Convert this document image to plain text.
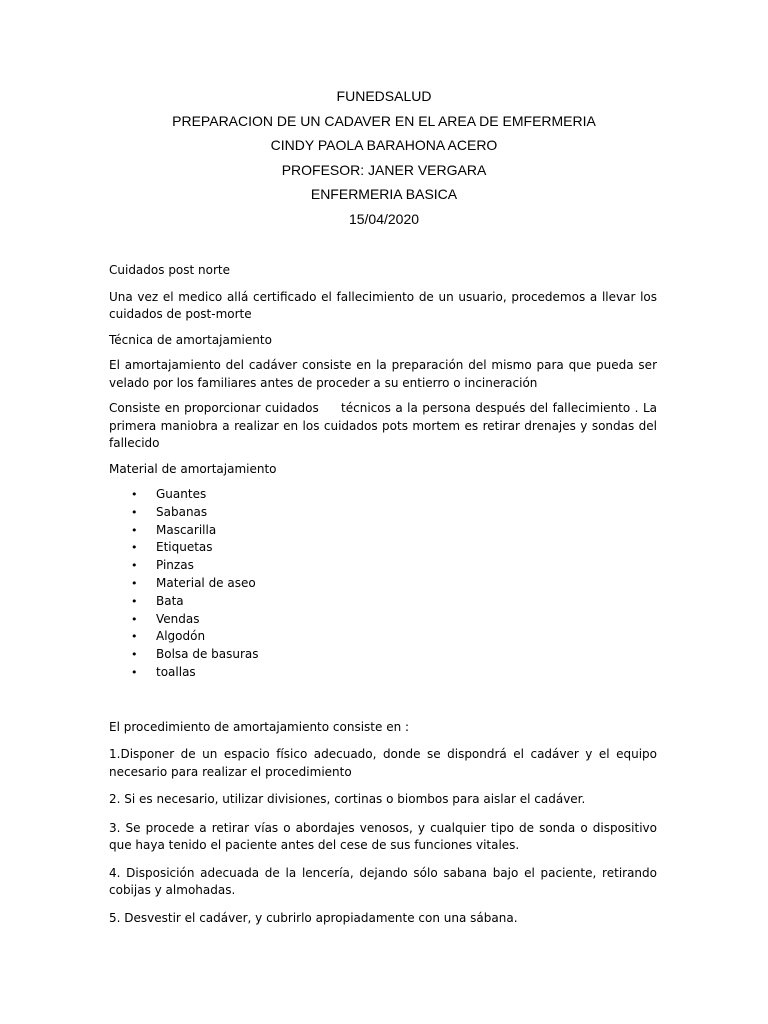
FUNEDSALUD
PREPARACION DE UN CADAVER EN EL AREA DE EMFERMERIA
CINDY PAOLA BARAHONA ACERO
PROFESOR: JANER VERGARA
ENFERMERIA BASICA
15/04/2020

Cuidados post norte

Una vez el medico allá certificado el fallecimiento de un usuario, procedemos a llevar los cuidados de post-morte

Técnica de amortajamiento

El amortajamiento del cadáver consiste en la preparación del mismo para que pueda ser velado por los familiares antes de proceder a su entierro o incineración

Consiste en proporcionar cuidados     técnicos a la persona después del fallecimiento . La primera maniobra a realizar en los cuidados pots mortem es retirar drenajes y sondas del fallecido

Material de amortajamiento

• Guantes
• Sabanas
• Mascarilla
• Etiquetas
• Pinzas
• Material de aseo
• Bata
• Vendas
• Algodón
• Bolsa de basuras
• toallas

El procedimiento de amortajamiento consiste en :

1.Disponer de un espacio físico adecuado, donde se dispondrá el cadáver y el equipo necesario para realizar el procedimiento

2. Si es necesario, utilizar divisiones, cortinas o biombos para aislar el cadáver.

3. Se procede a retirar vías o abordajes venosos, y cualquier tipo de sonda o dispositivo que haya tenido el paciente antes del cese de sus funciones vitales.

4. Disposición adecuada de la lencería, dejando sólo sabana bajo el paciente, retirando cobijas y almohadas.

5. Desvestir el cadáver, y cubrirlo apropiadamente con una sábana.
